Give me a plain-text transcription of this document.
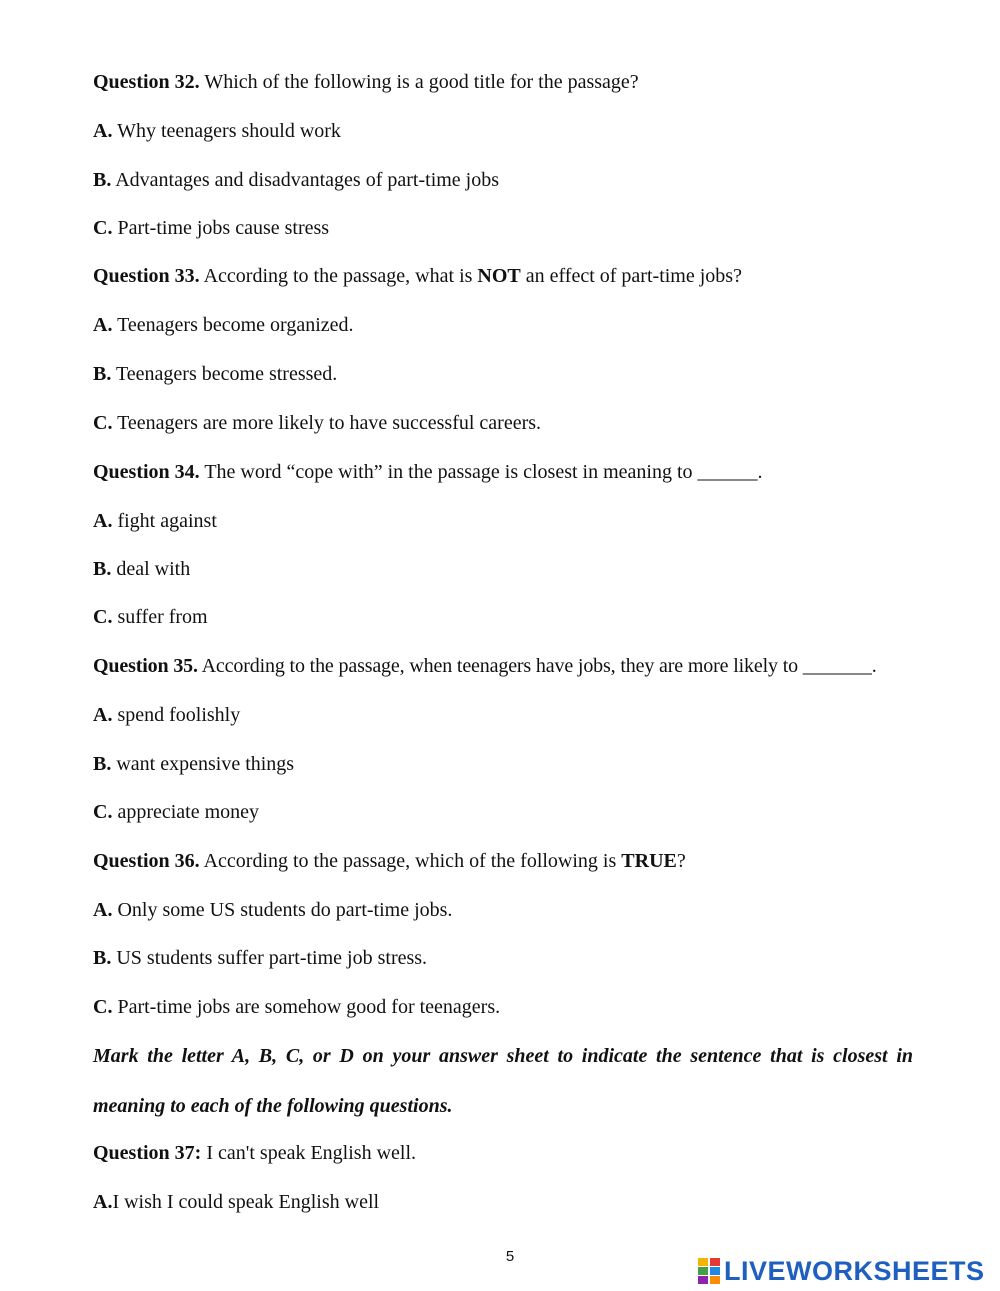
Question 32. Which of the following is a good title for the passage?
A. Why teenagers should work
B. Advantages and disadvantages of part-time jobs
C. Part-time jobs cause stress
Question 33. According to the passage, what is NOT an effect of part-time jobs?
A. Teenagers become organized.
B. Teenagers become stressed.
C. Teenagers are more likely to have successful careers.
Question 34. The word “cope with” in the passage is closest in meaning to ______.
A. fight against
B. deal with
C. suffer from
Question 35. According to the passage, when teenagers have jobs, they are more likely to _______.
A. spend foolishly
B. want expensive things
C. appreciate money
Question 36. According to the passage, which of the following is TRUE?
A. Only some US students do part-time jobs.
B. US students suffer part-time job stress.
C. Part-time jobs are somehow good for teenagers.
Mark the letter A, B, C, or D on your answer sheet to indicate the sentence that is closest in
meaning to each of the following questions.
Question 37: I can't speak English well.
A.I wish I could speak English well
5	LIVEWORKSHEETS
